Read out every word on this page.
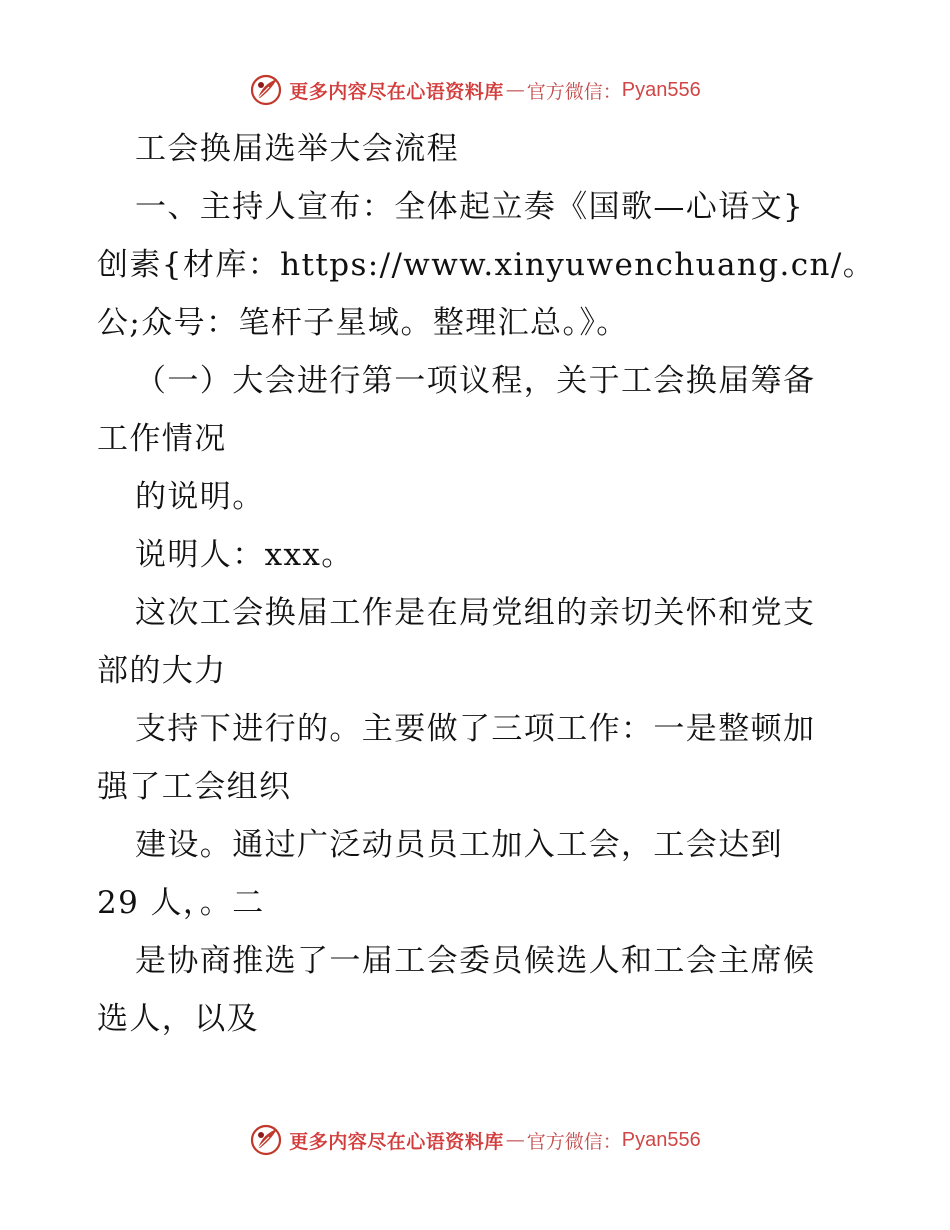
更多内容尽在心语资料库 — 官方微信： Pyan556
工会换届选举大会流程
一、主持人宣布：全体起立奏《国歌—心语文}
创素{材库：https://www.xinyuwenchuang.cn/。
公;众号：笔杆子星域。整理汇总。》。
（一）大会进行第一项议程，关于工会换届筹备
工作情况
的说明。
说明人：xxx。
这次工会换届工作是在局党组的亲切关怀和党支
部的大力
支持下进行的。主要做了三项工作：一是整顿加
强了工会组织
建设。通过广泛动员员工加入工会，工会达到
29 人，。二
是协商推选了一届工会委员候选人和工会主席候
选人，以及
更多内容尽在心语资料库 — 官方微信： Pyan556
